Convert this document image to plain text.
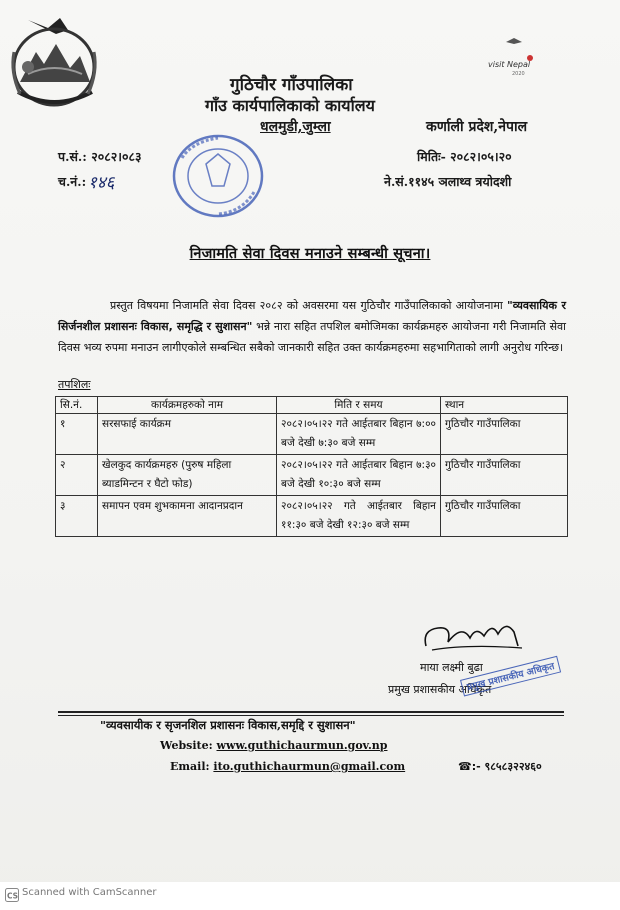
visit Nepal
2020
गुठिचौर गाँउपालिका
गाँउ कार्यपालिकाको कार्यालय
धलमुडी,जुम्ला	कर्णाली प्रदेश,नेपाल
प.सं.: २०८२।०८३
च.नं.: १४६
मितिः- २०८२।०५।२०
ने.सं.११४५ ञलाथ्व त्रयोदशी
निजामति सेवा दिवस मनाउने सम्बन्धी सूचना।
प्रस्तुत विषयमा निजामति सेवा दिवस २०८२ को अवसरमा यस गुठिचौर गाउँपालिकाको आयोजनामा "व्यवसायिक र सिर्जनशील प्रशासनः विकास, समृद्धि र सुशासन" भन्ने नारा सहित तपशिल बमोजिमका कार्यक्रमहरु आयोजना गरी निजामति सेवा दिवस भव्य रुपमा मनाउन लागीएकोले सम्बन्धित सबैको जानकारी सहित उक्त कार्यक्रमहरुमा सहभागिताको लागी अनुरोध गरिन्छ।
तपशिलः
सि.नं.	कार्यक्रमहरुको नाम	मिति र समय	स्थान
१	सरसफाई कार्यक्रम	२०८२।०५।२२ गते आईतबार बिहान ७:०० बजे देखी ७:३० बजे सम्म	गुठिचौर गाउँपालिका
२	खेलकुद कार्यक्रमहरु (पुरुष महिला ब्याडमिन्टन र घैटो फोड)	२०८२।०५।२२ गते आईतबार बिहान ७:३० बजे देखी १०:३० बजे सम्म	गुठिचौर गाउँपालिका
३	समापन एवम शुभकामना आदानप्रदान	२०८२।०५।२२ गते आईतबार बिहान ११:३० बजे देखी १२:३० बजे सम्म	गुठिचौर गाउँपालिका
माया लक्ष्मी बुढा
प्रमुख प्रशासकीय अधिकृत
प्रमुख प्रशासकीय अधिकृत
"व्यवसायीक र सृजनशिल प्रशासनः विकास,समृद्दि र सुशासन"
Website: www.guthichaurmun.gov.np
Email: ito.guthichaurmun@gmail.com	☎:- ९८५८३२२४६०
CS Scanned with CamScanner
